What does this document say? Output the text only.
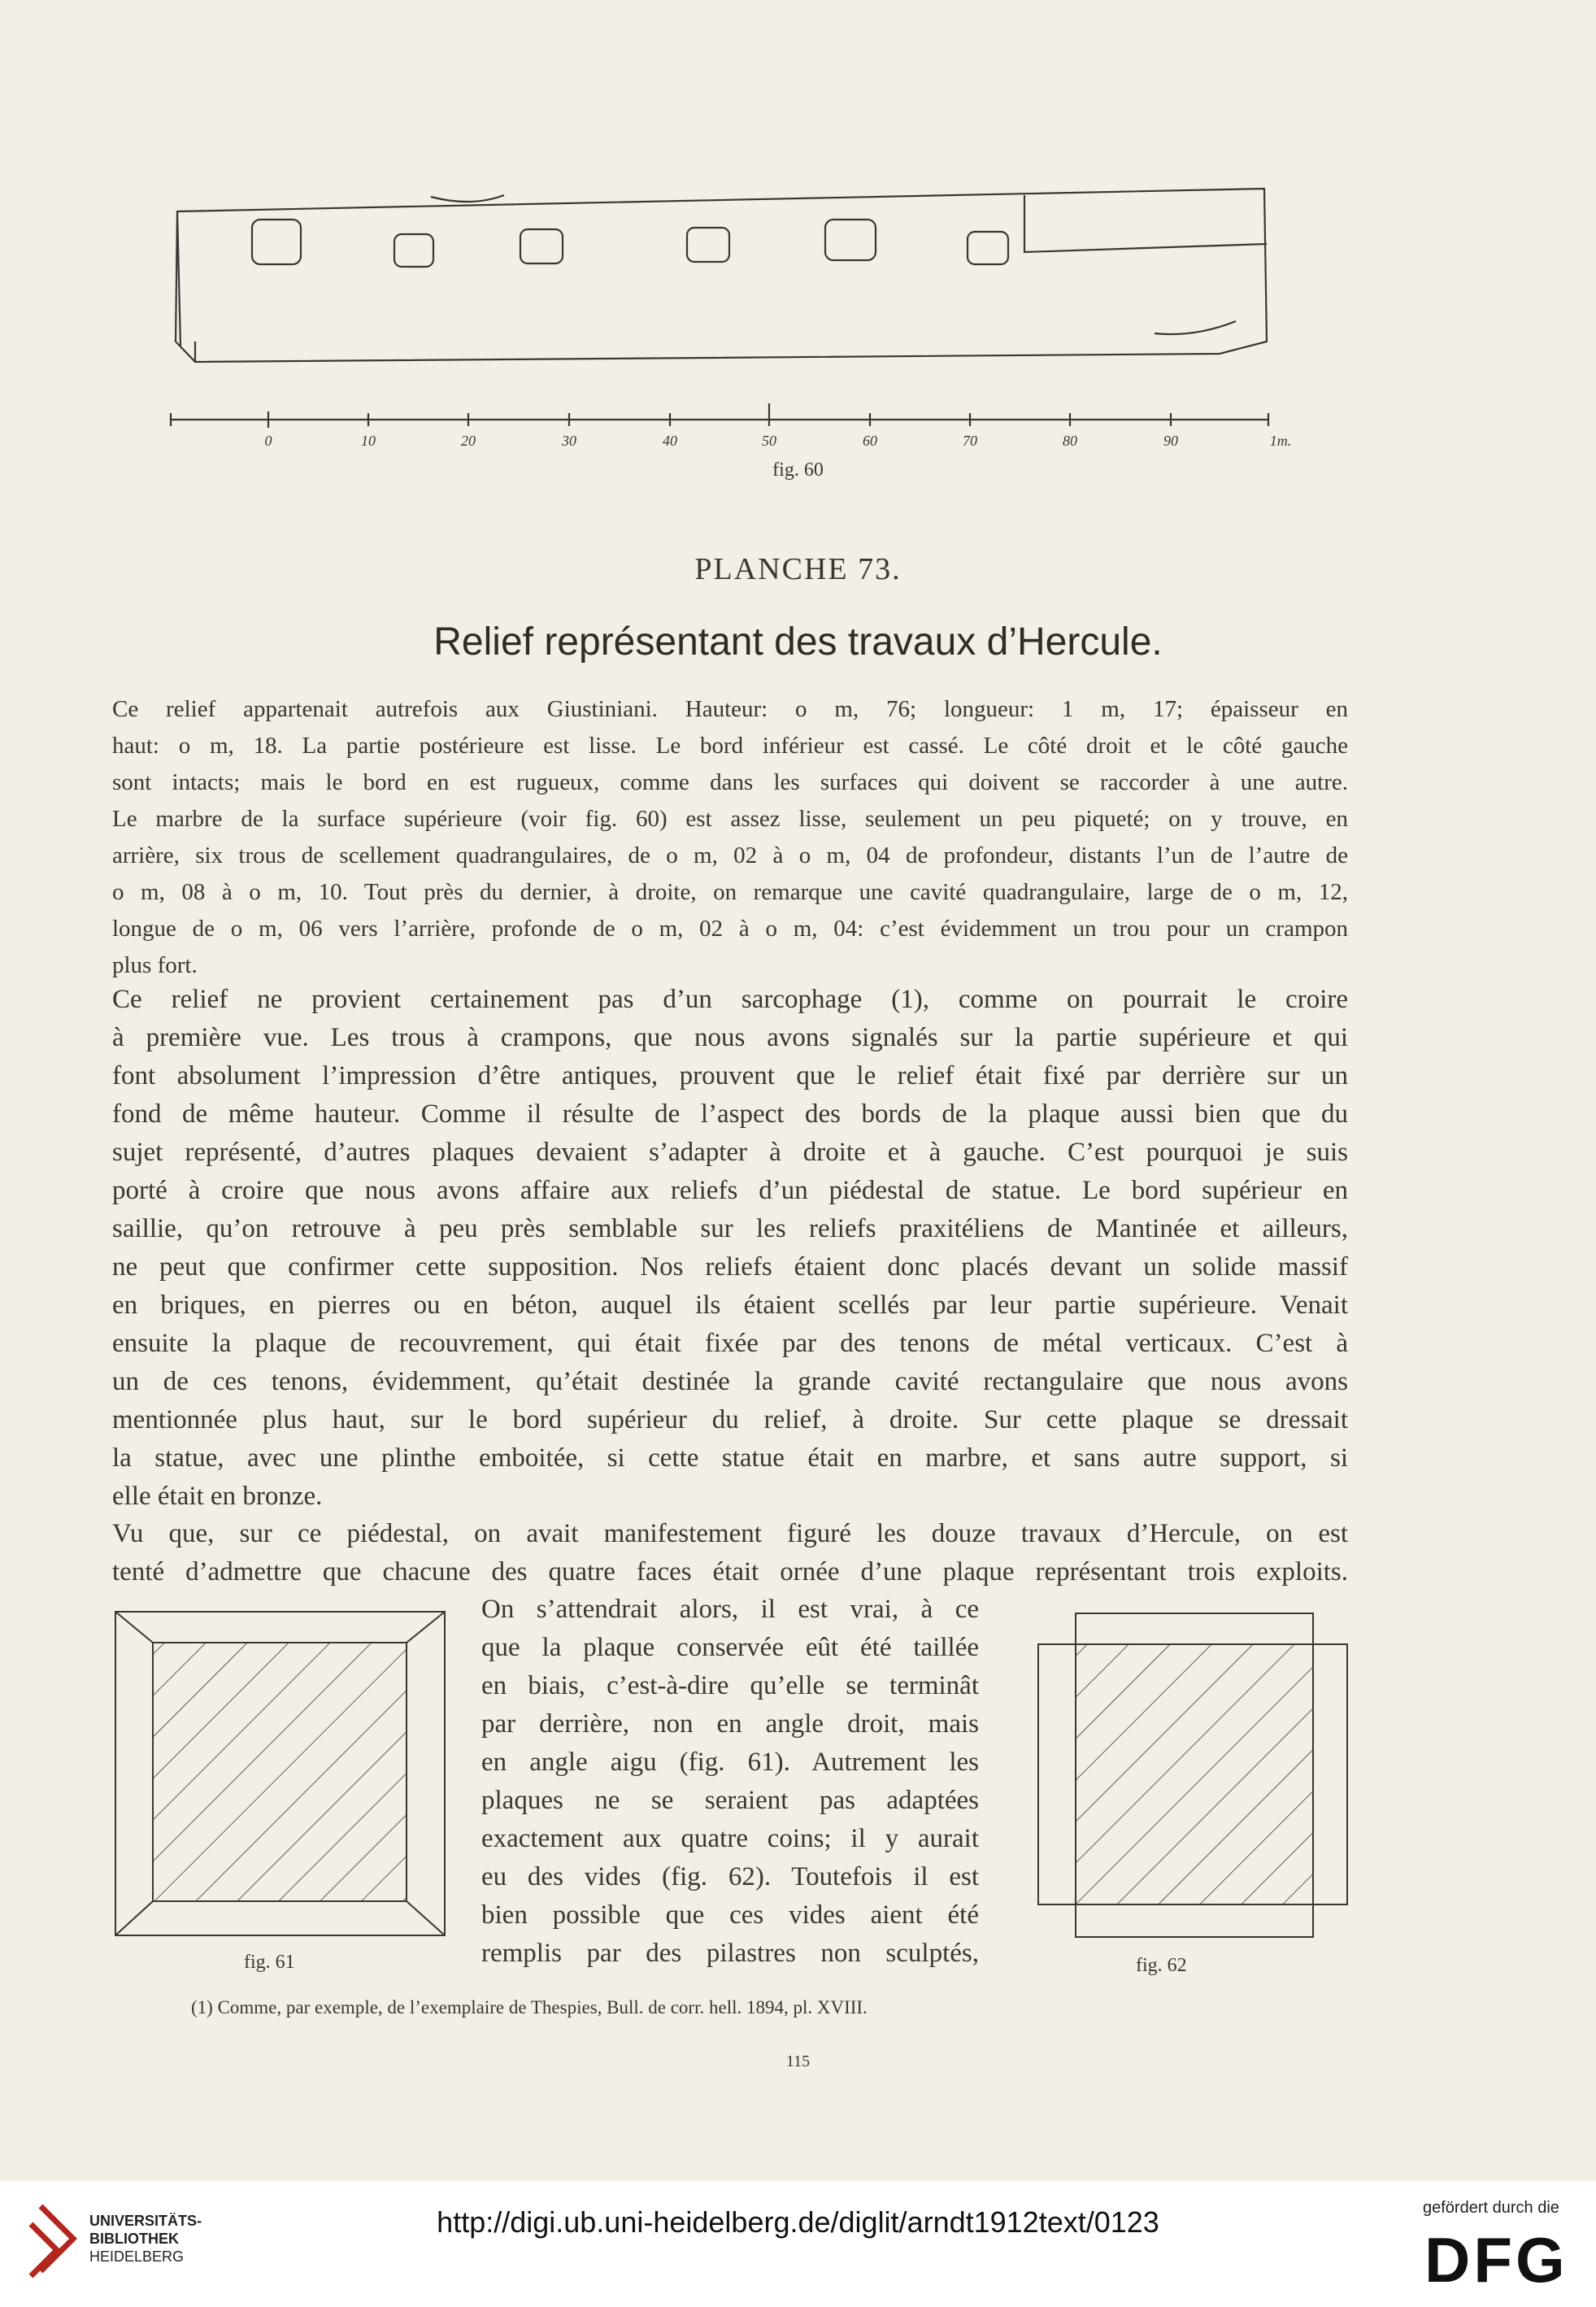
0	10	20	30	40	50	60	70	80	90	1m.
fig. 60
PLANCHE 73.
Relief représentant des travaux d’Hercule.
Ce relief appartenait autrefois aux Giustiniani. Hauteur: o m, 76; longueur: 1 m, 17; épaisseur en
haut: o m, 18. La partie postérieure est lisse. Le bord inférieur est cassé. Le côté droit et le côté gauche
sont intacts; mais le bord en est rugueux, comme dans les surfaces qui doivent se raccorder à une autre.
Le marbre de la surface supérieure (voir fig. 60) est assez lisse, seulement un peu piqueté; on y trouve, en
arrière, six trous de scellement quadrangulaires, de o m, 02 à o m, 04 de profondeur, distants l’un de l’autre de
o m, 08 à o m, 10. Tout près du dernier, à droite, on remarque une cavité quadrangulaire, large de o m, 12,
longue de o m, 06 vers l’arrière, profonde de o m, 02 à o m, 04: c’est évidemment un trou pour un crampon
plus fort.
Ce relief ne provient certainement pas d’un sarcophage (1), comme on pourrait le croire
à première vue. Les trous à crampons, que nous avons signalés sur la partie supérieure et qui
font absolument l’impression d’être antiques, prouvent que le relief était fixé par derrière sur un
fond de même hauteur. Comme il résulte de l’aspect des bords de la plaque aussi bien que du
sujet représenté, d’autres plaques devaient s’adapter à droite et à gauche. C’est pourquoi je suis
porté à croire que nous avons affaire aux reliefs d’un piédestal de statue. Le bord supérieur en
saillie, qu’on retrouve à peu près semblable sur les reliefs praxitéliens de Mantinée et ailleurs,
ne peut que confirmer cette supposition. Nos reliefs étaient donc placés devant un solide massif
en briques, en pierres ou en béton, auquel ils étaient scellés par leur partie supérieure. Venait
ensuite la plaque de recouvrement, qui était fixée par des tenons de métal verticaux. C’est à
un de ces tenons, évidemment, qu’était destinée la grande cavité rectangulaire que nous avons
mentionnée plus haut, sur le bord supérieur du relief, à droite. Sur cette plaque se dressait
la statue, avec une plinthe emboitée, si cette statue était en marbre, et sans autre support, si
elle était en bronze.
Vu que, sur ce piédestal, on avait manifestement figuré les douze travaux d’Hercule, on est
tenté d’admettre que chacune des quatre faces était ornée d’une plaque représentant trois exploits.
fig. 61
On s’attendrait alors, il est vrai, à ce
que la plaque conservée eût été taillée
en biais, c’est-à-dire qu’elle se terminât
par derrière, non en angle droit, mais
en angle aigu (fig. 61). Autrement les
plaques ne se seraient pas adaptées
exactement aux quatre coins; il y aurait
eu des vides (fig. 62). Toutefois il est
bien possible que ces vides aient été
remplis par des pilastres non sculptés,	fig. 62
(1) Comme, par exemple, de l’exemplaire de Thespies, Bull. de corr. hell. 1894, pl. XVIII.
115
UNIVERSITÄTS-
BIBLIOTHEK
HEIDELBERG
http://digi.ub.uni-heidelberg.de/diglit/arndt1912text/0123	gefördert durch die
DFG
